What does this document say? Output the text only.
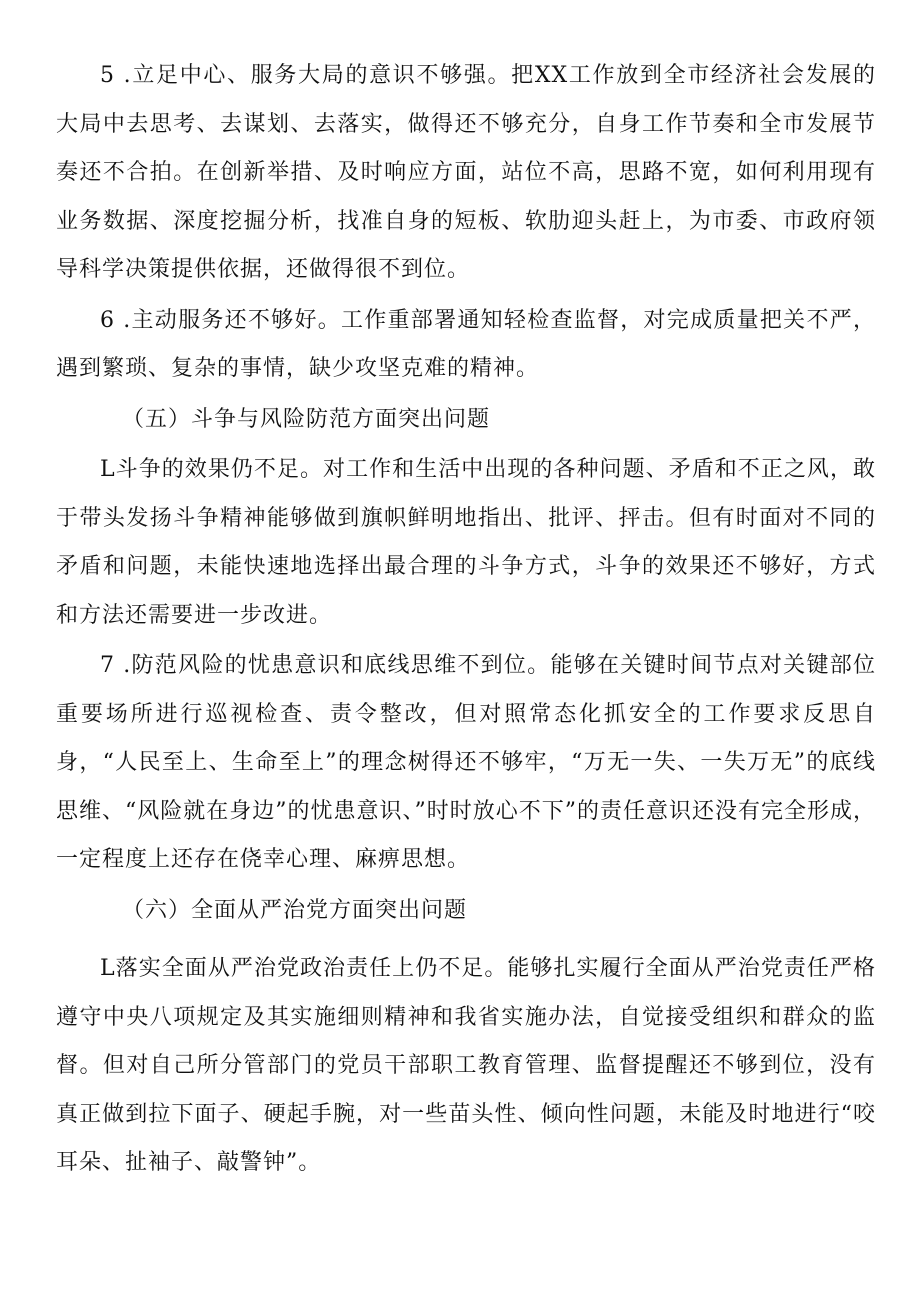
5 .立足中心、服务大局的意识不够强。把XX工作放到全市经济社会发展的大局中去思考、去谋划、去落实，做得还不够充分，自身工作节奏和全市发展节奏还不合拍。在创新举措、及时响应方面，站位不高，思路不宽，如何利用现有业务数据、深度挖掘分析，找准自身的短板、软肋迎头赶上，为市委、市政府领导科学决策提供依据，还做得很不到位。

6 .主动服务还不够好。工作重部署通知轻检查监督，对完成质量把关不严，遇到繁琐、复杂的事情，缺少攻坚克难的精神。

（五）斗争与风险防范方面突出问题

L斗争的效果仍不足。对工作和生活中出现的各种问题、矛盾和不正之风，敢于带头发扬斗争精神能够做到旗帜鲜明地指出、批评、抨击。但有时面对不同的矛盾和问题，未能快速地选择出最合理的斗争方式，斗争的效果还不够好，方式和方法还需要进一步改进。

7 .防范风险的忧患意识和底线思维不到位。能够在关键时间节点对关键部位重要场所进行巡视检查、责令整改，但对照常态化抓安全的工作要求反思自身，“人民至上、生命至上”的理念树得还不够牢，“万无一失、一失万无”的底线思维、“风险就在身边”的忧患意识、”时时放心不下”的责任意识还没有完全形成，一定程度上还存在侥幸心理、麻痹思想。

（六）全面从严治党方面突出问题

L落实全面从严治党政治责任上仍不足。能够扎实履行全面从严治党责任严格遵守中央八项规定及其实施细则精神和我省实施办法，自觉接受组织和群众的监督。但对自己所分管部门的党员干部职工教育管理、监督提醒还不够到位，没有真正做到拉下面子、硬起手腕，对一些苗头性、倾向性问题，未能及时地进行“咬耳朵、扯袖子、敲警钟”。
